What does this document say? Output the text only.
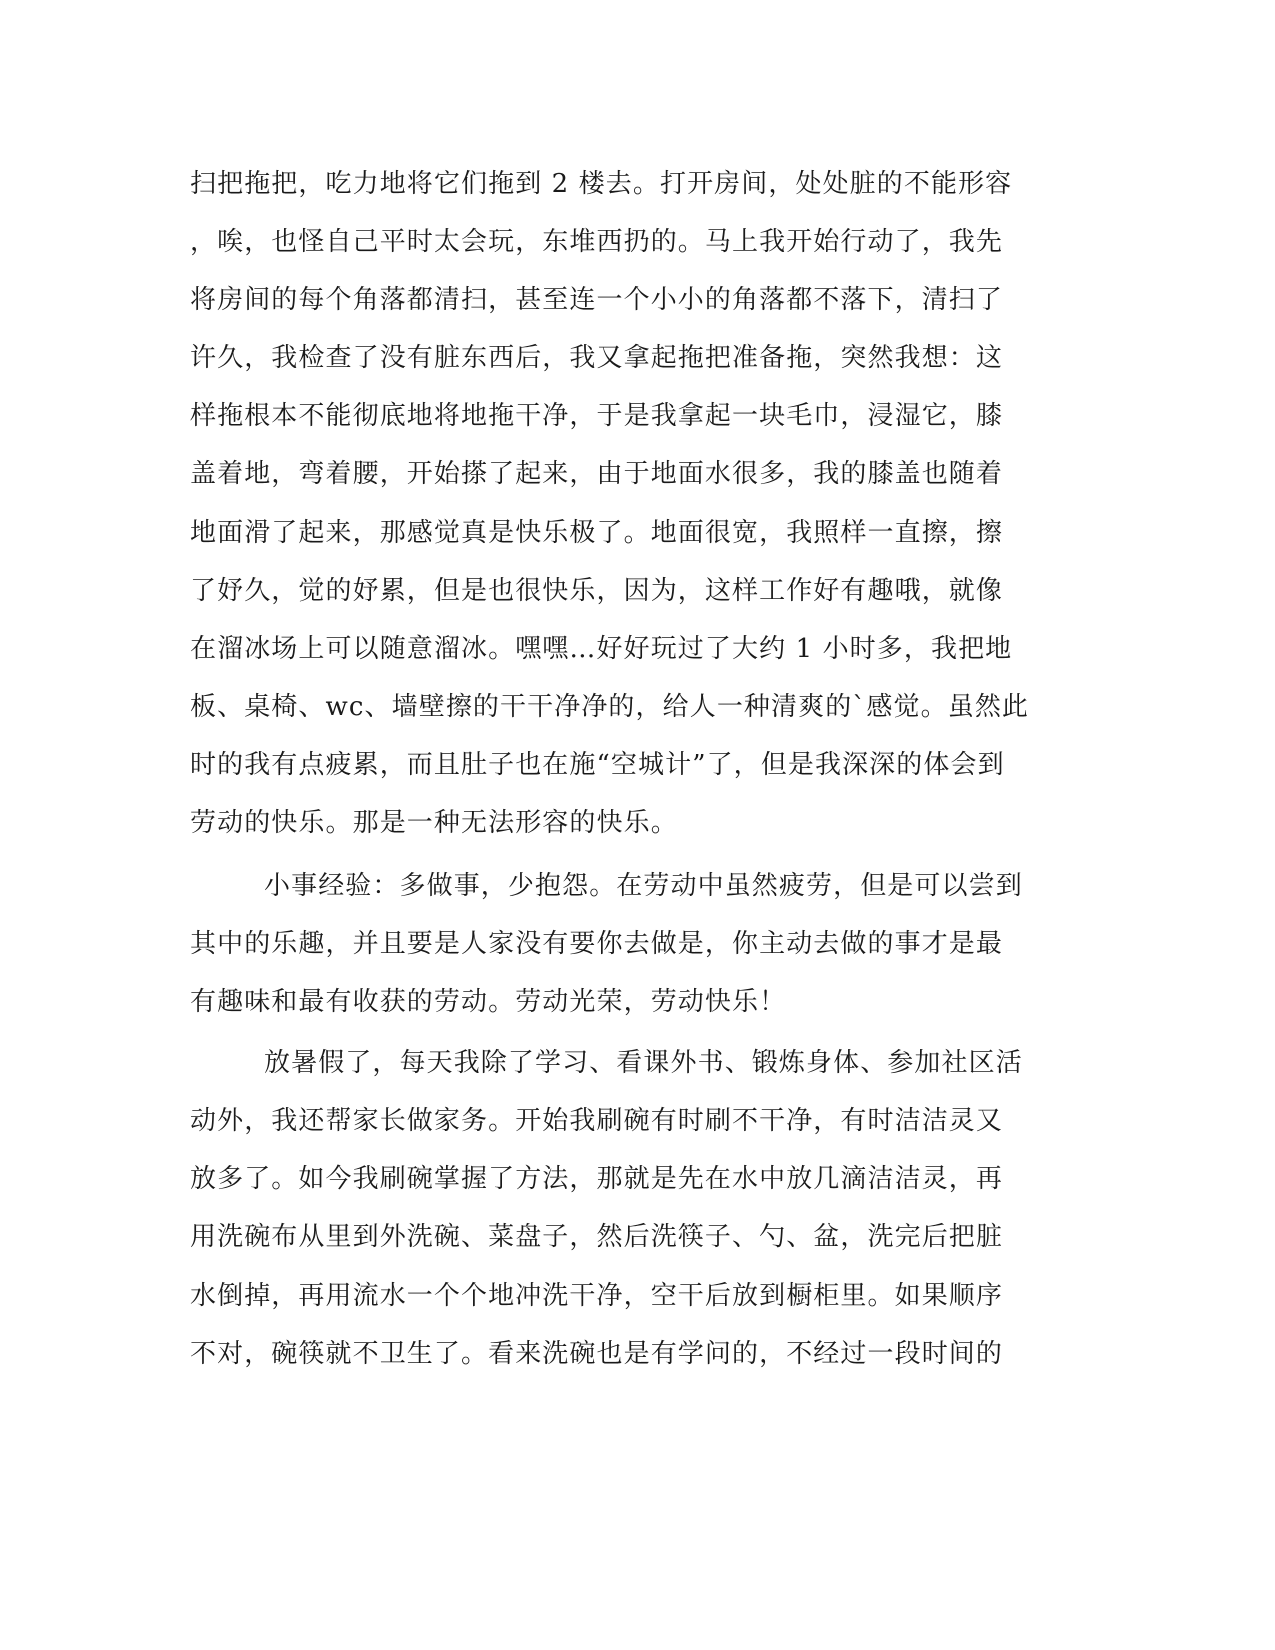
扫把拖把，吃力地将它们拖到 2 楼去。打开房间，处处脏的不能形容
，唉，也怪自己平时太会玩，东堆西扔的。马上我开始行动了，我先
将房间的每个角落都清扫，甚至连一个小小的角落都不落下，清扫了
许久，我检查了没有脏东西后，我又拿起拖把准备拖，突然我想：这
样拖根本不能彻底地将地拖干净，于是我拿起一块毛巾，浸湿它，膝
盖着地，弯着腰，开始搽了起来，由于地面水很多，我的膝盖也随着
地面滑了起来，那感觉真是快乐极了。地面很宽，我照样一直擦，擦
了妤久，觉的妤累，但是也很快乐，因为，这样工作好有趣哦，就像
在溜冰场上可以随意溜冰。嘿嘿…好好玩过了大约 1 小时多，我把地
板、桌椅、wc、墙壁擦的干干净净的，给人一种清爽的`感觉。虽然此
时的我有点疲累，而且肚子也在施“空城计”了，但是我深深的体会到
劳动的快乐。那是一种无法形容的快乐。
小事经验：多做事，少抱怨。在劳动中虽然疲劳，但是可以尝到
其中的乐趣，并且要是人家没有要你去做是，你主动去做的事才是最
有趣味和最有收获的劳动。劳动光荣，劳动快乐！
放暑假了，每天我除了学习、看课外书、锻炼身体、参加社区活
动外，我还帮家长做家务。开始我刷碗有时刷不干净，有时洁洁灵又
放多了。如今我刷碗掌握了方法，那就是先在水中放几滴洁洁灵，再
用洗碗布从里到外洗碗、菜盘子，然后洗筷子、勺、盆，洗完后把脏
水倒掉，再用流水一个个地冲洗干净，空干后放到橱柜里。如果顺序
不对，碗筷就不卫生了。看来洗碗也是有学问的，不经过一段时间的
